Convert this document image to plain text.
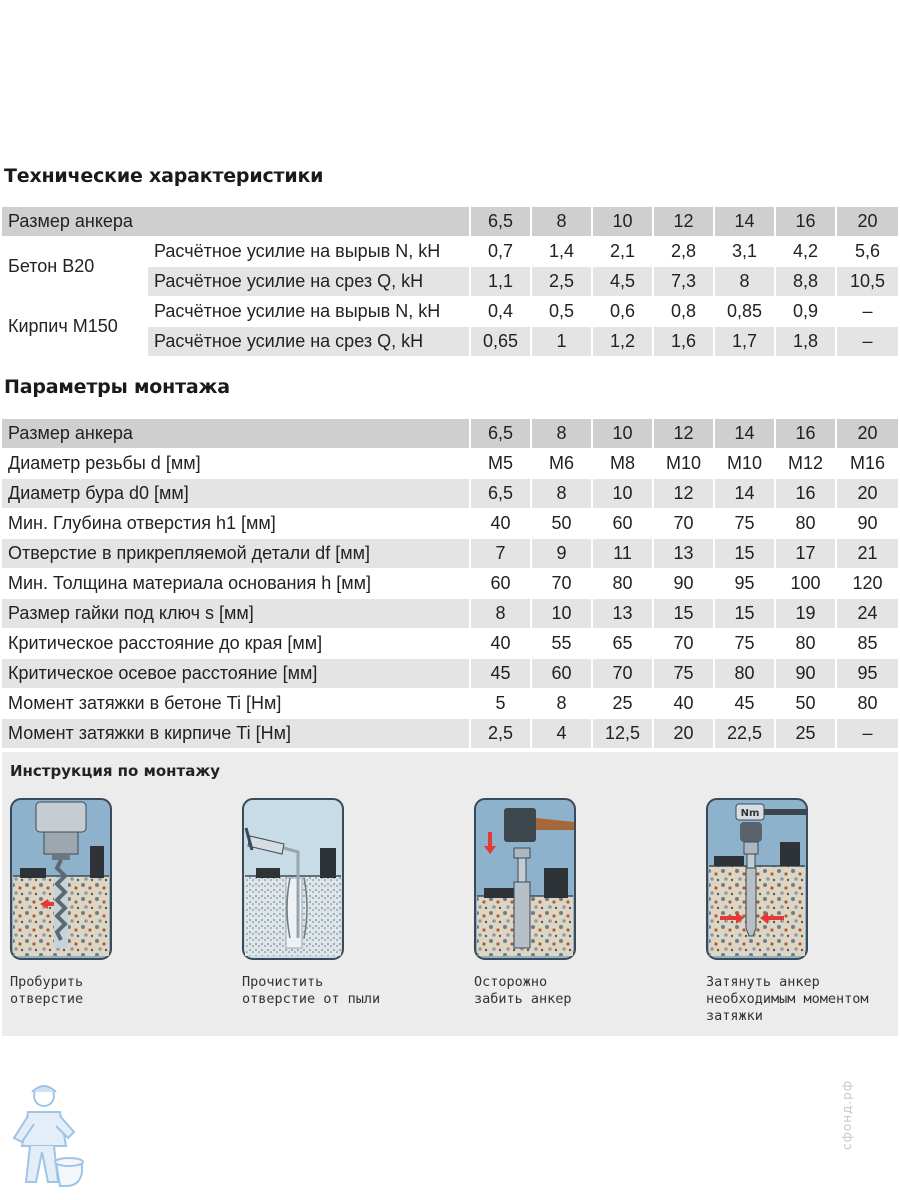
Технические характеристики
Размер анкера		6,5	8	10	12	14	16	20
Бетон B20	Расчётное усилие на вырыв N, kH	0,7	1,4	2,1	2,8	3,1	4,2	5,6
	Расчётное усилие на срез Q, kH	1,1	2,5	4,5	7,3	8	8,8	10,5
Кирпич М150	Расчётное усилие на вырыв N, kH	0,4	0,5	0,6	0,8	0,85	0,9	–
	Расчётное усилие на срез Q, kH	0,65	1	1,2	1,6	1,7	1,8	–
Параметры монтажа
Размер анкера	6,5	8	10	12	14	16	20
Диаметр резьбы d [мм]	M5	M6	M8	M10	M10	M12	M16
Диаметр бура d0 [мм]	6,5	8	10	12	14	16	20
Мин. Глубина отверстия h1 [мм]	40	50	60	70	75	80	90
Отверстие в прикрепляемой детали df [мм]	7	9	11	13	15	17	21
Мин. Толщина материала основания h [мм]	60	70	80	90	95	100	120
Размер гайки под ключ s [мм]	8	10	13	15	15	19	24
Критическое расстояние до края [мм]	40	55	65	70	75	80	85
Критическое осевое расстояние [мм]	45	60	70	75	80	90	95
Момент затяжки в бетоне Ti [Нм]	5	8	25	40	45	50	80
Момент затяжки в кирпиче Ti [Нм]	2,5	4	12,5	20	22,5	25	–
Инструкция по монтажу
Пробурить
отверстие
Прочистить
отверстие от пыли
Осторожно
забить анкер
Nm
Затянуть анкер
необходимым моментом
затяжки
сфонд.рф
